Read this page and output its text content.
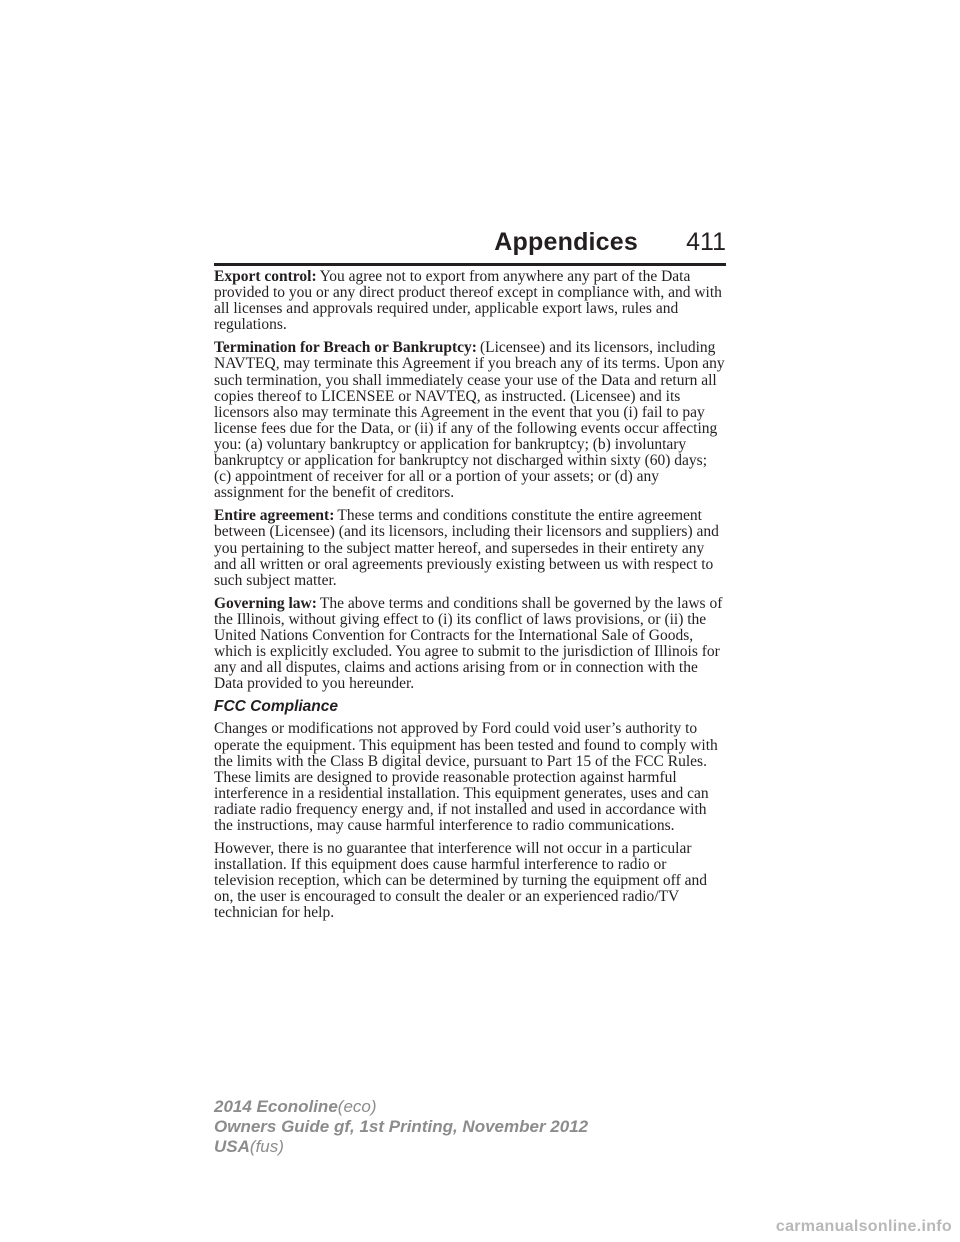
Appendices 411

Export control: You agree not to export from anywhere any part of the Data provided to you or any direct product thereof except in compliance with, and with all licenses and approvals required under, applicable export laws, rules and regulations.

Termination for Breach or Bankruptcy: (Licensee) and its licensors, including NAVTEQ, may terminate this Agreement if you breach any of its terms. Upon any such termination, you shall immediately cease your use of the Data and return all copies thereof to LICENSEE or NAVTEQ, as instructed. (Licensee) and its licensors also may terminate this Agreement in the event that you (i) fail to pay license fees due for the Data, or (ii) if any of the following events occur affecting you: (a) voluntary bankruptcy or application for bankruptcy; (b) involuntary bankruptcy or application for bankruptcy not discharged within sixty (60) days; (c) appointment of receiver for all or a portion of your assets; or (d) any assignment for the benefit of creditors.

Entire agreement: These terms and conditions constitute the entire agreement between (Licensee) (and its licensors, including their licensors and suppliers) and you pertaining to the subject matter hereof, and supersedes in their entirety any and all written or oral agreements previously existing between us with respect to such subject matter.

Governing law: The above terms and conditions shall be governed by the laws of the Illinois, without giving effect to (i) its conflict of laws provisions, or (ii) the United Nations Convention for Contracts for the International Sale of Goods, which is explicitly excluded. You agree to submit to the jurisdiction of Illinois for any and all disputes, claims and actions arising from or in connection with the Data provided to you hereunder.

FCC Compliance

Changes or modifications not approved by Ford could void user’s authority to operate the equipment. This equipment has been tested and found to comply with the limits with the Class B digital device, pursuant to Part 15 of the FCC Rules. These limits are designed to provide reasonable protection against harmful interference in a residential installation. This equipment generates, uses and can radiate radio frequency energy and, if not installed and used in accordance with the instructions, may cause harmful interference to radio communications.

However, there is no guarantee that interference will not occur in a particular installation. If this equipment does cause harmful interference to radio or television reception, which can be determined by turning the equipment off and on, the user is encouraged to consult the dealer or an experienced radio/TV technician for help.

2014 Econoline(eco)
Owners Guide gf, 1st Printing, November 2012
USA(fus)
carmanualsonline.info
